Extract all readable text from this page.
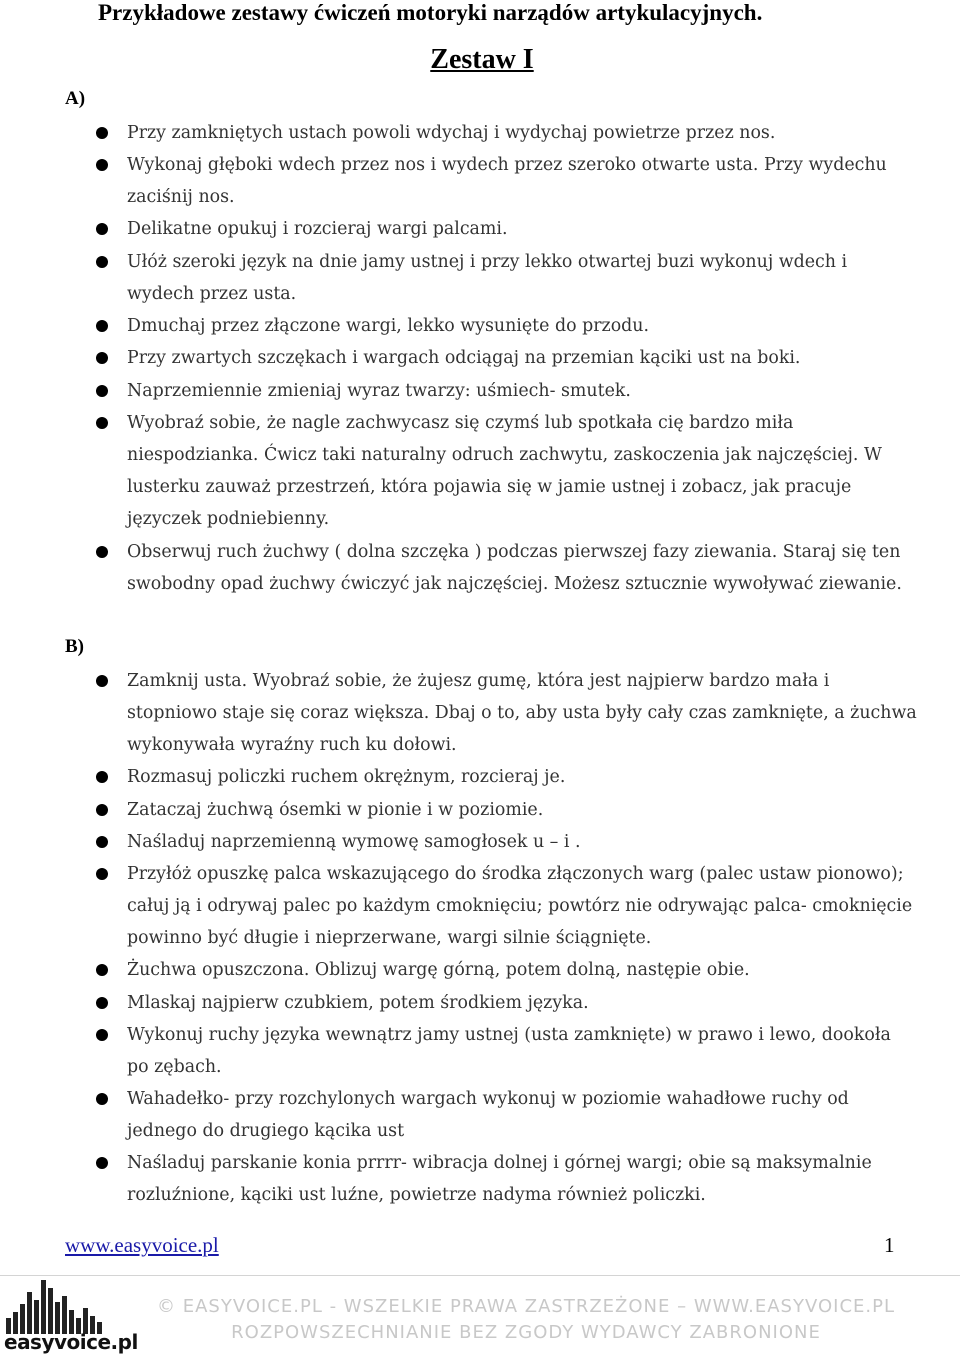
Przykładowe zestawy ćwiczeń motoryki narządów artykulacyjnych.
Zestaw I
A)
Przy zamkniętych ustach powoli wdychaj i wydychaj powietrze przez nos.
Wykonaj głęboki wdech przez nos i wydech przez szeroko otwarte usta. Przy wydechu zaciśnij nos.
Delikatne opukuj i rozcieraj wargi palcami.
Ułóż szeroki język na dnie jamy ustnej i przy lekko otwartej buzi wykonuj wdech i wydech przez usta.
Dmuchaj przez złączone wargi, lekko wysunięte do przodu.
Przy zwartych szczękach i wargach odciągaj na przemian kąciki ust na boki.
Naprzemiennie zmieniaj wyraz twarzy: uśmiech- smutek.
Wyobraź sobie, że nagle zachwycasz się czymś lub spotkała cię bardzo miła niespodzianka. Ćwicz taki naturalny odruch zachwytu, zaskoczenia jak najczęściej. W lusterku zauważ przestrzeń, która pojawia się w jamie ustnej i zobacz, jak pracuje języczek podniebienny.
Obserwuj ruch żuchwy ( dolna szczęka ) podczas pierwszej fazy ziewania. Staraj się ten swobodny opad żuchwy ćwiczyć jak najczęściej. Możesz sztucznie wywoływać ziewanie.
B)
Zamknij usta. Wyobraź sobie, że żujesz gumę, która jest najpierw bardzo mała i stopniowo staje się coraz większa. Dbaj o to, aby usta były cały czas zamknięte, a żuchwa wykonywała wyraźny ruch ku dołowi.
Rozmasuj policzki ruchem okrężnym, rozcieraj je.
Zataczaj żuchwą ósemki w pionie i w poziomie.
Naśladuj naprzemienną wymowę samogłosek u – i .
Przyłóż opuszkę palca wskazującego do środka złączonych warg (palec ustaw pionowo); całuj ją i odrywaj palec po każdym cmoknięciu; powtórz nie odrywając palca- cmoknięcie powinno być długie i nieprzerwane, wargi silnie ściągnięte.
Żuchwa opuszczona. Oblizuj wargę górną, potem dolną, następie obie.
Mlaskaj najpierw czubkiem, potem środkiem języka.
Wykonuj ruchy języka wewnątrz jamy ustnej (usta zamknięte) w prawo i lewo, dookoła po zębach.
Wahadełko- przy rozchylonych wargach wykonuj w poziomie wahadłowe ruchy od jednego do drugiego kącika ust
Naśladuj parskanie konia prrrr- wibracja dolnej i górnej wargi; obie są maksymalnie rozluźnione, kąciki ust luźne, powietrze nadyma również policzki.
www.easyvoice.pl	1
easyvoice.pl
© EASYVOICE.PL - WSZELKIE PRAWA ZASTRZEŻONE – WWW.EASYVOICE.PL
ROZPOWSZECHNIANIE BEZ ZGODY WYDAWCY ZABRONIONE
